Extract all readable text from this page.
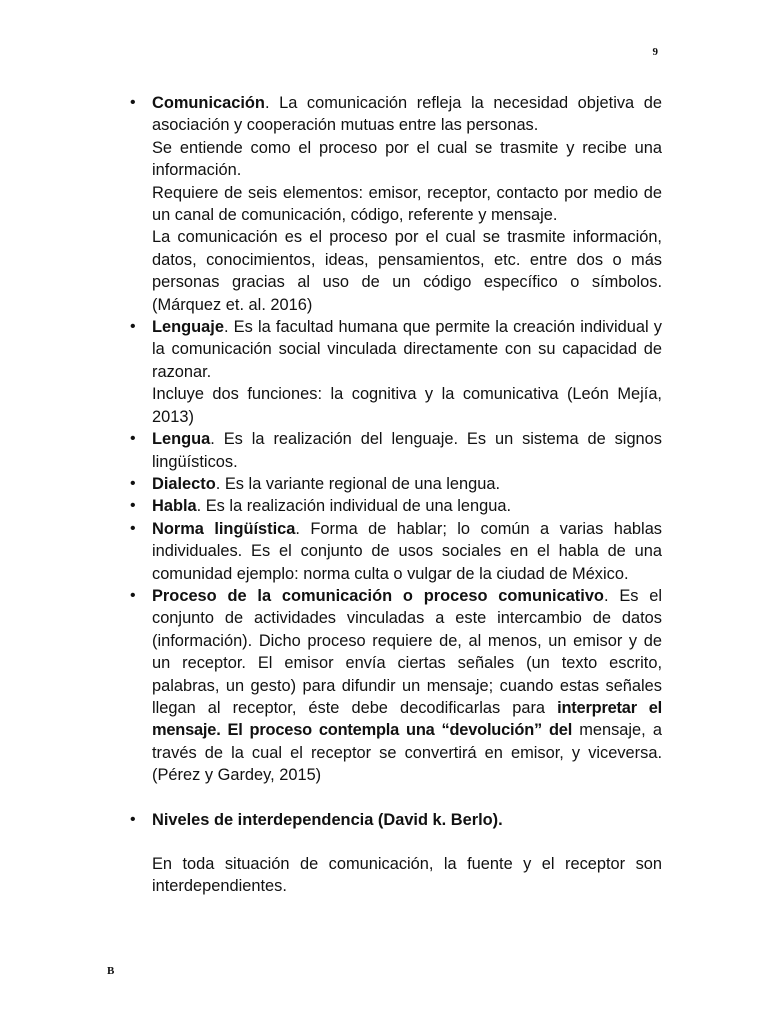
9
• Comunicación. La comunicación refleja la necesidad objetiva de asociación y cooperación mutuas entre las personas.

Se entiende como el proceso por el cual se trasmite y recibe una información.

Requiere de seis elementos: emisor, receptor, contacto por medio de un canal de comunicación, código, referente y mensaje.

La comunicación es el proceso por el cual se trasmite información, datos, conocimientos, ideas, pensamientos, etc. entre dos o más personas gracias al uso de un código específico o símbolos. (Márquez et. al. 2016)

• Lenguaje. Es la facultad humana que permite la creación individual y la comunicación social vinculada directamente con su capacidad de razonar.

Incluye dos funciones: la cognitiva y la comunicativa (León Mejía, 2013)

• Lengua. Es la realización del lenguaje. Es un sistema de signos lingüísticos.

• Dialecto. Es la variante regional de una lengua.

• Habla. Es la realización individual de una lengua.

• Norma lingüística. Forma de hablar; lo común a varias hablas individuales. Es el conjunto de usos sociales en el habla de una comunidad ejemplo: norma culta o vulgar de la ciudad de México.

• Proceso de la comunicación o proceso comunicativo. Es el conjunto de actividades vinculadas a este intercambio de datos (información). Dicho proceso requiere de, al menos, un emisor y de un receptor. El emisor envía ciertas señales (un texto escrito, palabras, un gesto) para difundir un mensaje; cuando estas señales llegan al receptor, éste debe decodificarlas para interpretar el mensaje. El proceso contempla una “devolución” del mensaje, a través de la cual el receptor se convertirá en emisor, y viceversa. (Pérez y Gardey, 2015)

• Niveles de interdependencia (David k. Berlo).

En toda situación de comunicación, la fuente y el receptor son interdependientes.

B
